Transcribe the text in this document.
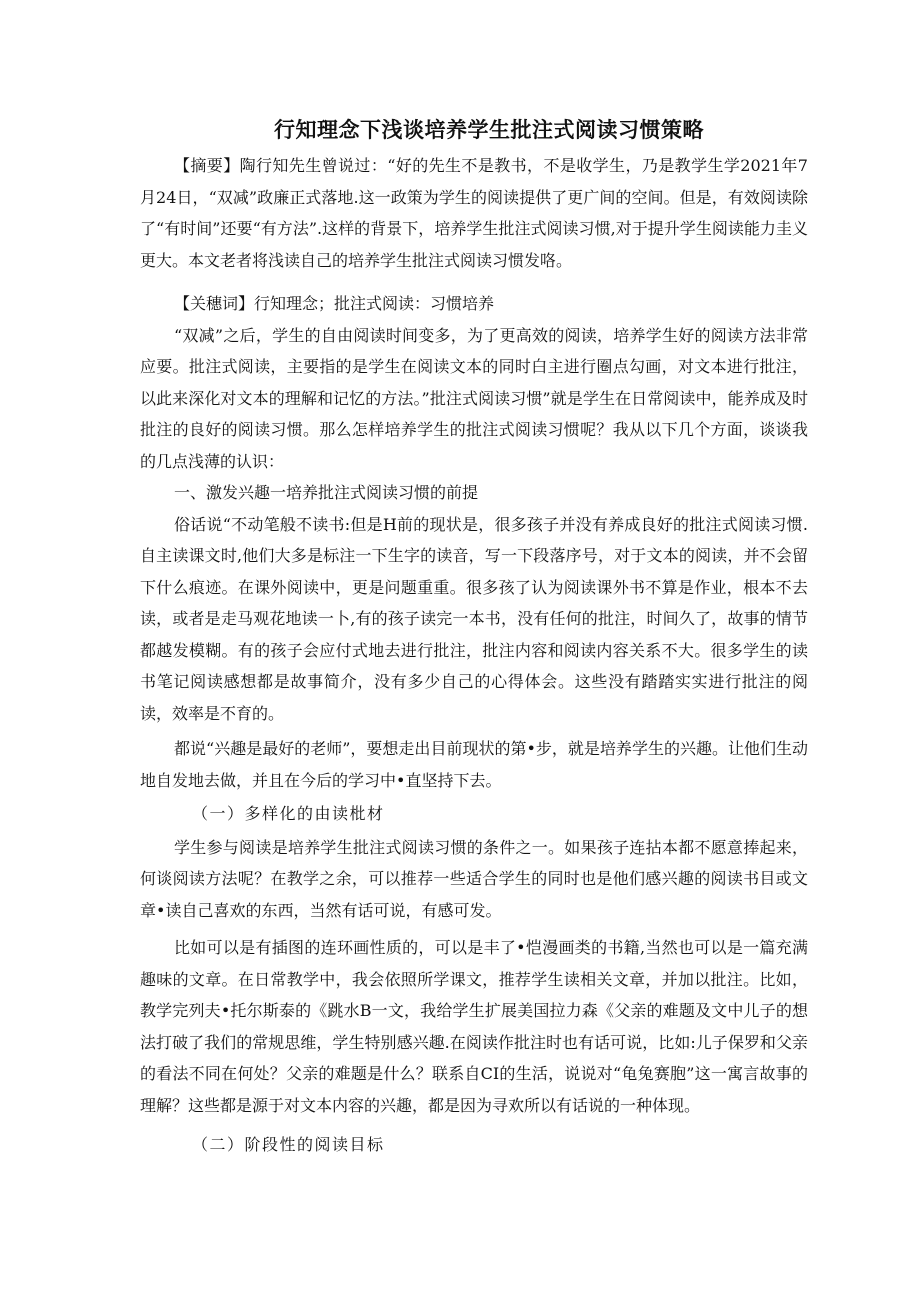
行知理念下浅谈培养学生批注式阅读习惯策略

【摘要】陶行知先生曾说过：“好的先生不是教书，不是收学生，乃是教学生学2021年7月24日，“双减”政廉正式落地.这一政策为学生的阅读提供了更广间的空间。但是，有效阅读除了“有时间”还要“有方法”.这样的背景下，培养学生批注式阅读习惯,对于提升学生阅读能力圭义更大。本文老者将浅读自己的培养学生批注式阅读习惯发咯。

【关穗词】行知理念；批注式阅读：习惯培养

“双减”之后，学生的自由阅读时间变多，为了更高效的阅读，培养学生好的阅读方法非常应要。批注式阅读，主要指的是学生在阅读文本的同时白主进行圈点勾画，对文本进行批注，以此来深化对文本的理解和记忆的方法。”批注式阅读习惯”就是学生在日常阅读中，能养成及时批注的良好的阅读习惯。那么怎样培养学生的批注式阅读习惯呢？我从以下几个方面，谈谈我的几点浅薄的认识：

一、激发兴趣一培养批注式阅读习惯的前提

俗话说“不动笔般不读书:但是H前的现状是，很多孩子并没有养成良好的批注式阅读习惯.自主读课文时,他们大多是标注一下生字的读音，写一下段落序号，对于文本的阅读，并不会留下什么痕迹。在课外阅读中，更是问题重重。很多孩了认为阅读课外书不算是作业，根本不去读，或者是走马观花地读一卜,有的孩子读完一本书，没有任何的批注，时间久了，故事的情节都越发模糊。有的孩子会应付式地去进行批注，批注内容和阅读内容关系不大。很多学生的读书笔记阅读感想都是故事简介，没有多少自己的心得体会。这些没有踏踏实实进行批注的阅读，效率是不育的。

都说“兴趣是最好的老师”，要想走出目前现状的第•步，就是培养学生的兴趣。让他们生动地自发地去做，并且在今后的学习中•直坚持下去。

（一）多样化的由读枇材

学生参与阅读是培养学生批注式阅读习惯的条件之一。如果孩子连拈本都不愿意捧起来，何谈阅读方法呢？在教学之余，可以推荐一些适合学生的同时也是他们感兴趣的阅读书目或文章•读自己喜欢的东西，当然有话可说，有感可发。

比如可以是有插图的连环画性质的，可以是丰了•恺漫画类的书籍,当然也可以是一篇充满趣味的文章。在日常教学中，我会依照所学课文，推荐学生读相关文章，并加以批注。比如，教学完列夫•托尔斯泰的《跳水B一文，我给学生扩展美国拉力森《父亲的难题及文中儿子的想法打破了我们的常规思维，学生特别感兴趣.在阅读作批注时也有话可说，比如:儿子保罗和父亲的看法不同在何处？父亲的难题是什么？联系自CI的生活，说说对“龟兔赛胞”这一寓言故事的理解？这些都是源于对文本内容的兴趣，都是因为寻欢所以有话说的一种体现。

（二）阶段性的阅读目标
